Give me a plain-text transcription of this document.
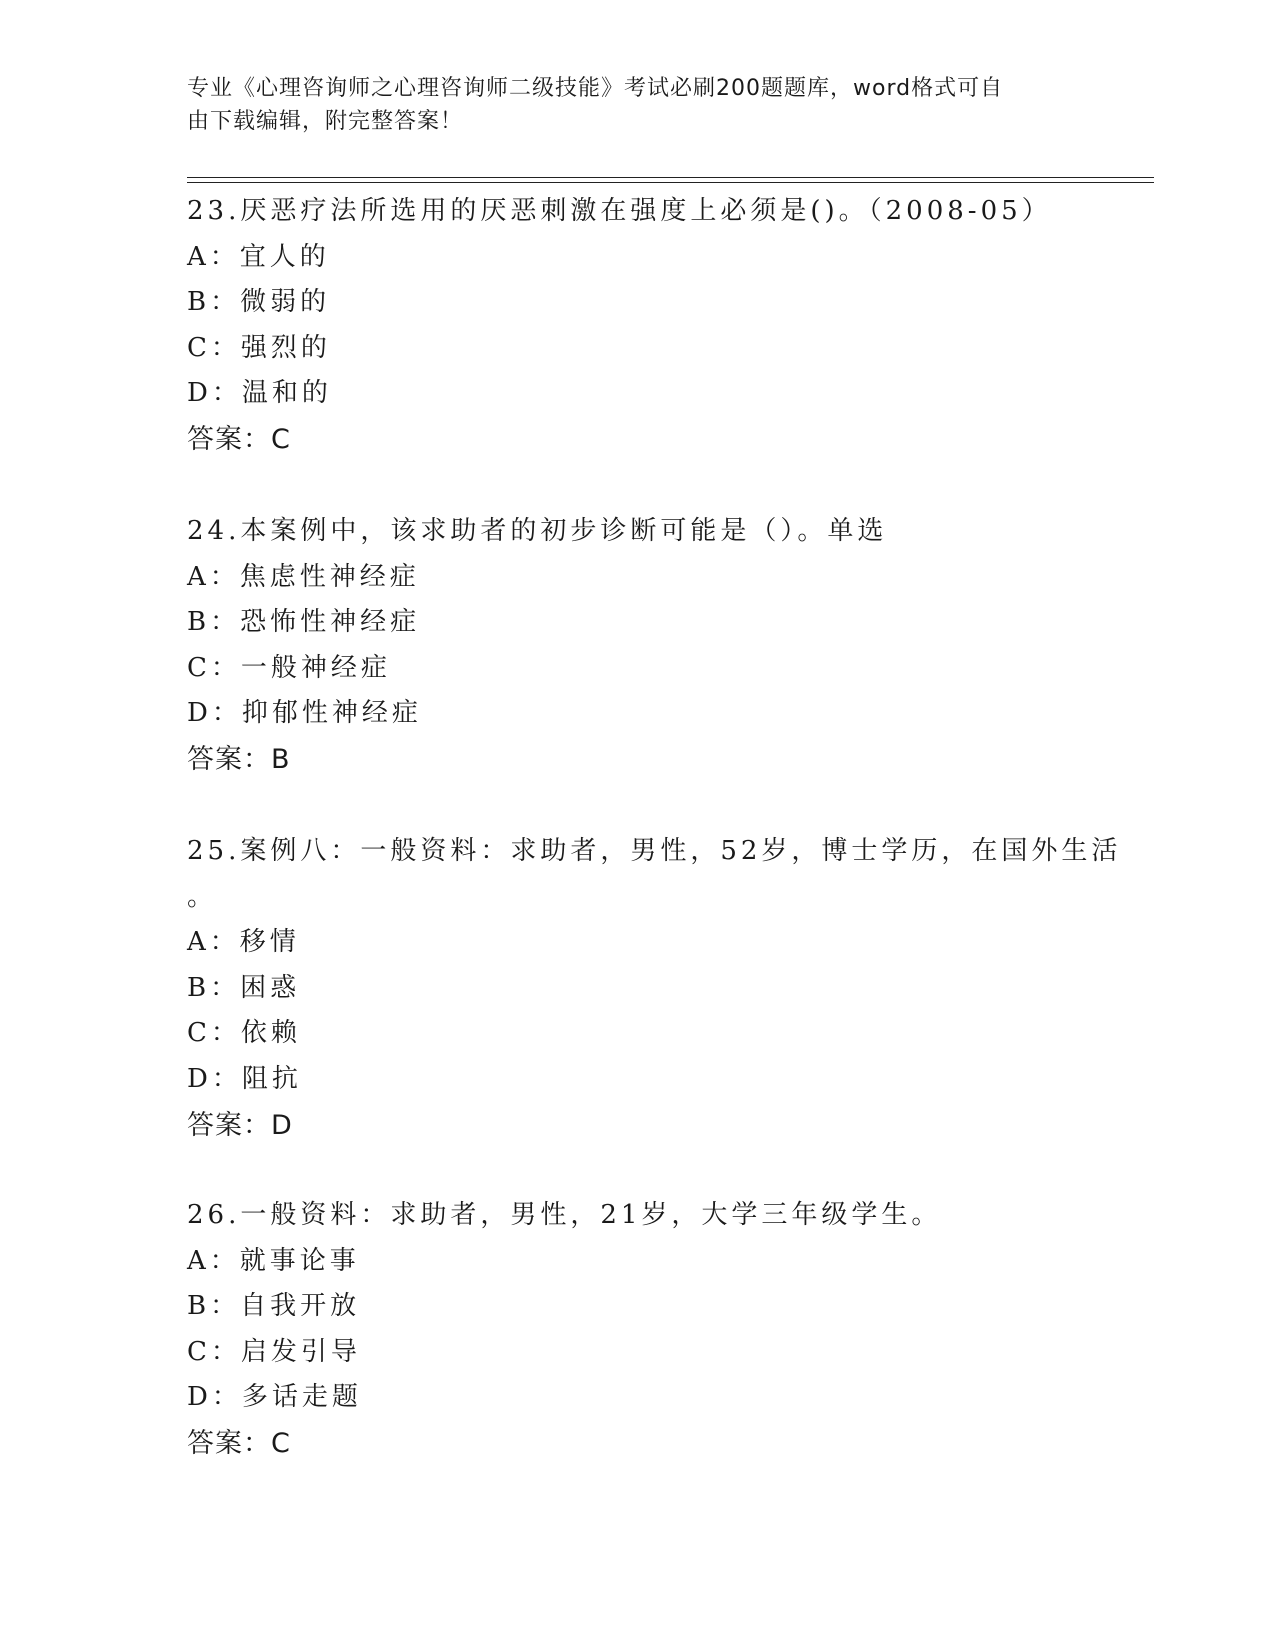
专业《心理咨询师之心理咨询师二级技能》考试必刷200题题库，word格式可自
由下载编辑，附完整答案！
23.厌恶疗法所选用的厌恶刺激在强度上必须是()。（2008-05）
A：宜人的
B：微弱的
C：强烈的
D：温和的
答案：C
24.本案例中，该求助者的初步诊断可能是（）。单选
A：焦虑性神经症
B：恐怖性神经症
C：一般神经症
D：抑郁性神经症
答案：B
25.案例八：一般资料：求助者，男性，52岁，博士学历，在国外生活
。
A：移情
B：困惑
C：依赖
D：阻抗
答案：D
26.一般资料：求助者，男性，21岁，大学三年级学生。
A：就事论事
B：自我开放
C：启发引导
D：多话走题
答案：C
